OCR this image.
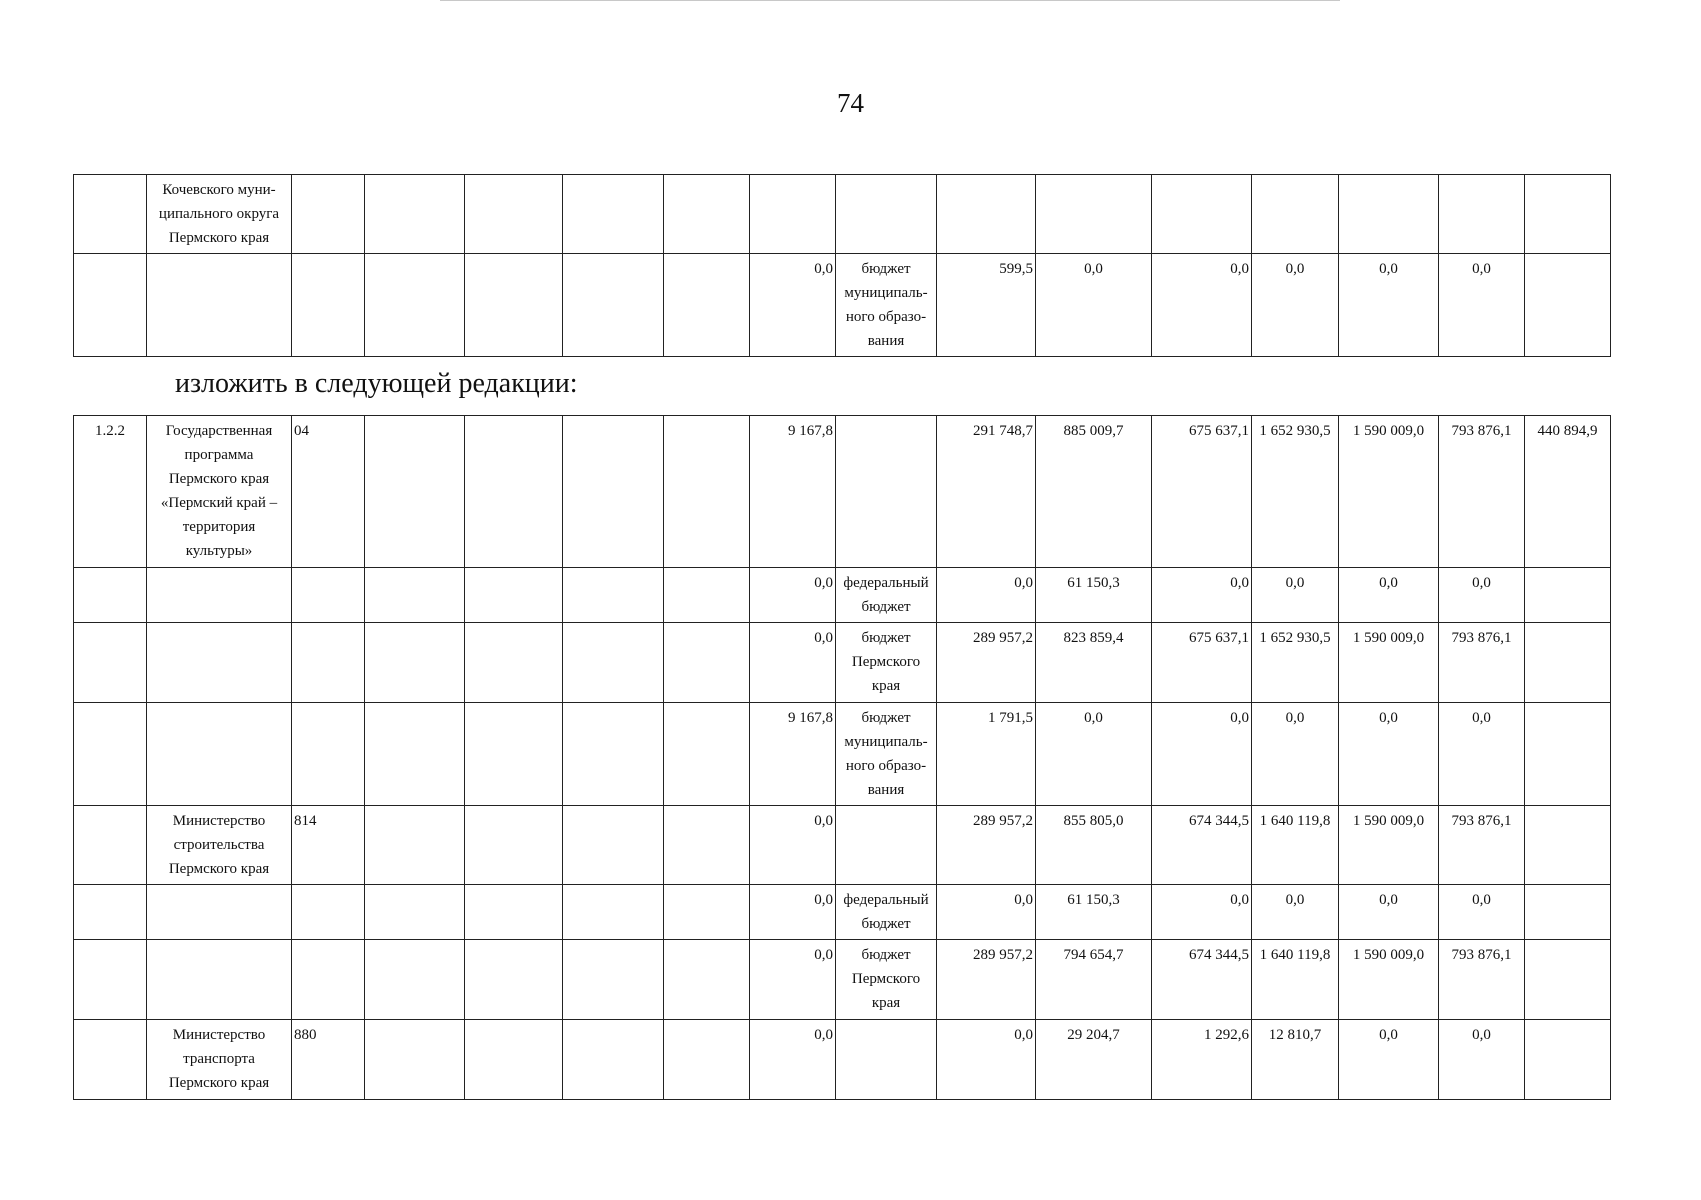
74
	Кочевского муни-ципального округа Пермского края														
							0,0	бюджет муниципаль-ного образо-вания	599,5	0,0	0,0	0,0	0,0	0,0	
изложить в следующей редакции:
1.2.2	Государственная программа Пермского края «Пермский край – территория культуры»	04					9 167,8		291 748,7	885 009,7	675 637,1	1 652 930,5	1 590 009,0	793 876,1	440 894,9
							0,0	федеральный бюджет	0,0	61 150,3	0,0	0,0	0,0	0,0	
							0,0	бюджет Пермского края	289 957,2	823 859,4	675 637,1	1 652 930,5	1 590 009,0	793 876,1	
							9 167,8	бюджет муниципаль-ного образо-вания	1 791,5	0,0	0,0	0,0	0,0	0,0	
	Министерство строительства Пермского края	814					0,0		289 957,2	855 805,0	674 344,5	1 640 119,8	1 590 009,0	793 876,1	
							0,0	федеральный бюджет	0,0	61 150,3	0,0	0,0	0,0	0,0	
							0,0	бюджет Пермского края	289 957,2	794 654,7	674 344,5	1 640 119,8	1 590 009,0	793 876,1	
	Министерство транспорта Пермского края	880					0,0		0,0	29 204,7	1 292,6	12 810,7	0,0	0,0	
